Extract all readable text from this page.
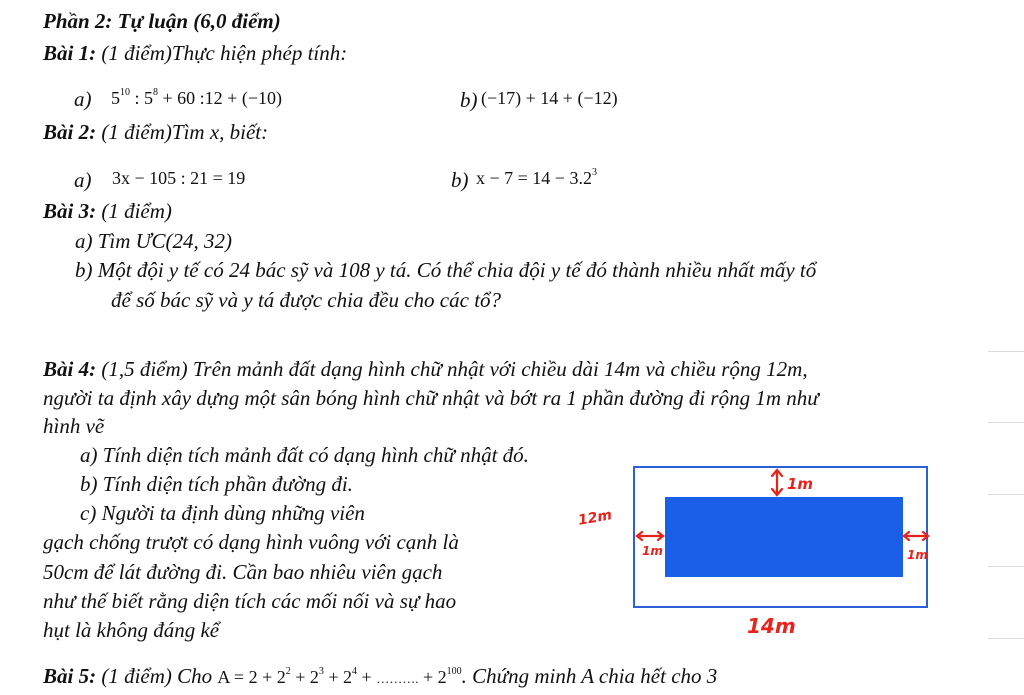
Phần 2: Tự luận (6,0 điểm)
Bài 1: (1 điểm)Thực hiện phép tính:
a) $5^{10}$ : $5^8 + 60$ :12 + (−10)	b) (−17) + 14 + (−12)
Bài 2: (1 điểm)Tìm x, biết:
a) 3x − 105 : 21 = 19	b) $x - 7 = 14 - 3.2^3$
Bài 3: (1 điểm)
a) Tìm ƯC(24, 32)
b) Một đội y tế có 24 bác sỹ và 108 y tá. Có thể chia đội y tế đó thành nhiều nhất mấy tổ
để số bác sỹ và y tá được chia đều cho các tổ?
Bài 4: (1,5 điểm) Trên mảnh đất dạng hình chữ nhật với chiều dài 14m và chiều rộng 12m,
người ta định xây dựng một sân bóng hình chữ nhật và bớt ra 1 phần đường đi rộng 1m như
hình vẽ
a) Tính diện tích mảnh đất có dạng hình chữ nhật đó.
b) Tính diện tích phần đường đi.
c) Người ta định dùng những viên
gạch chống trượt có dạng hình vuông với cạnh là
50cm để lát đường đi. Cần bao nhiêu viên gạch
như thế biết rằng diện tích các mối nối và sự hao
hụt là không đáng kể
1m
12m
1m	1m
14m
Bài 5: (1 điểm) Cho $A = 2 + 2^2 + 2^3 + 2^4$ + ………. + $2^{100}$. Chứng minh A chia hết cho 3
